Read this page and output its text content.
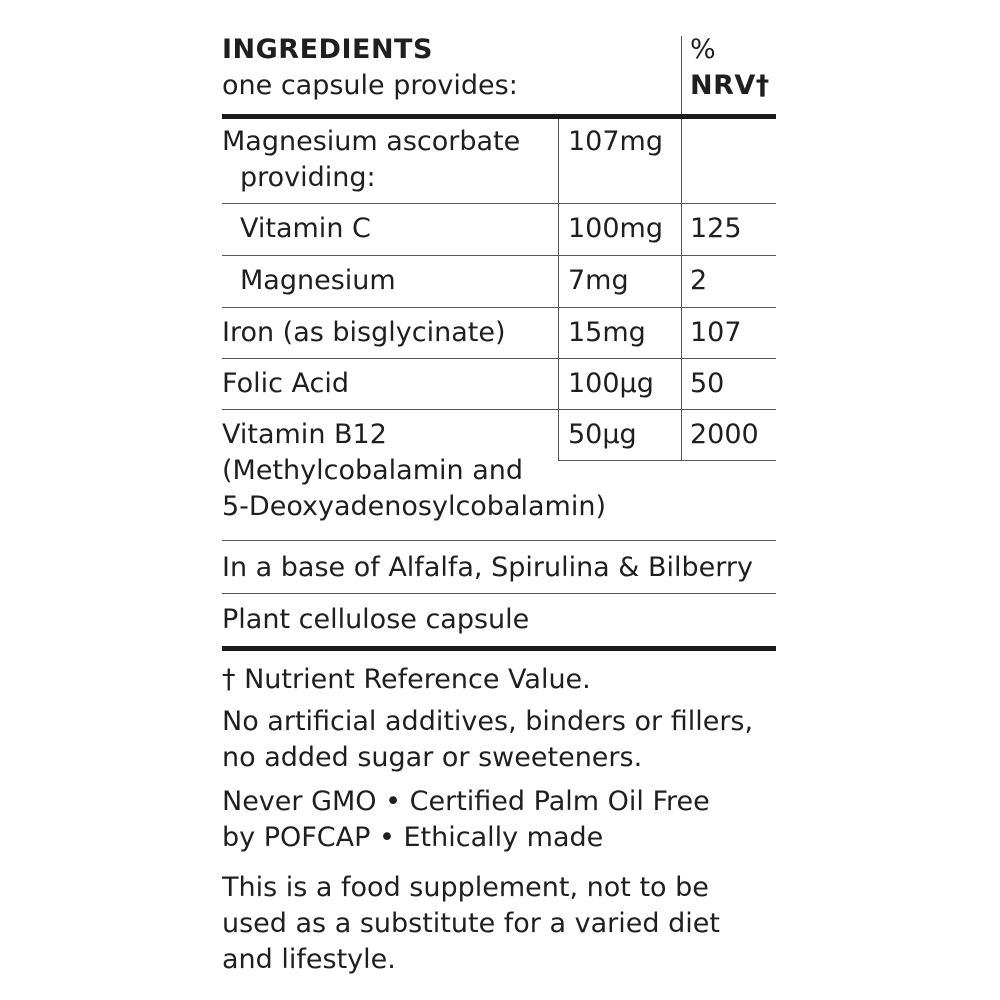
INGREDIENTS
one capsule provides:
%
NRV†
Magnesium ascorbate
providing:
107mg
Vitamin C	100mg 125
Magnesium	7mg 2
Iron (as bisglycinate) 15mg 107
Folic Acid	100µg 50
Vitamin B12
(Methylcobalamin and
5-Deoxyadenosylcobalamin)
50µg 2000
In a base of Alfalfa, Spirulina & Bilberry
Plant cellulose capsule
† Nutrient Reference Value.
No artificial additives, binders or fillers,
no added sugar or sweeteners.
Never GMO • Certified Palm Oil Free
by POFCAP • Ethically made
This is a food supplement, not to be
used as a substitute for a varied diet
and lifestyle.
